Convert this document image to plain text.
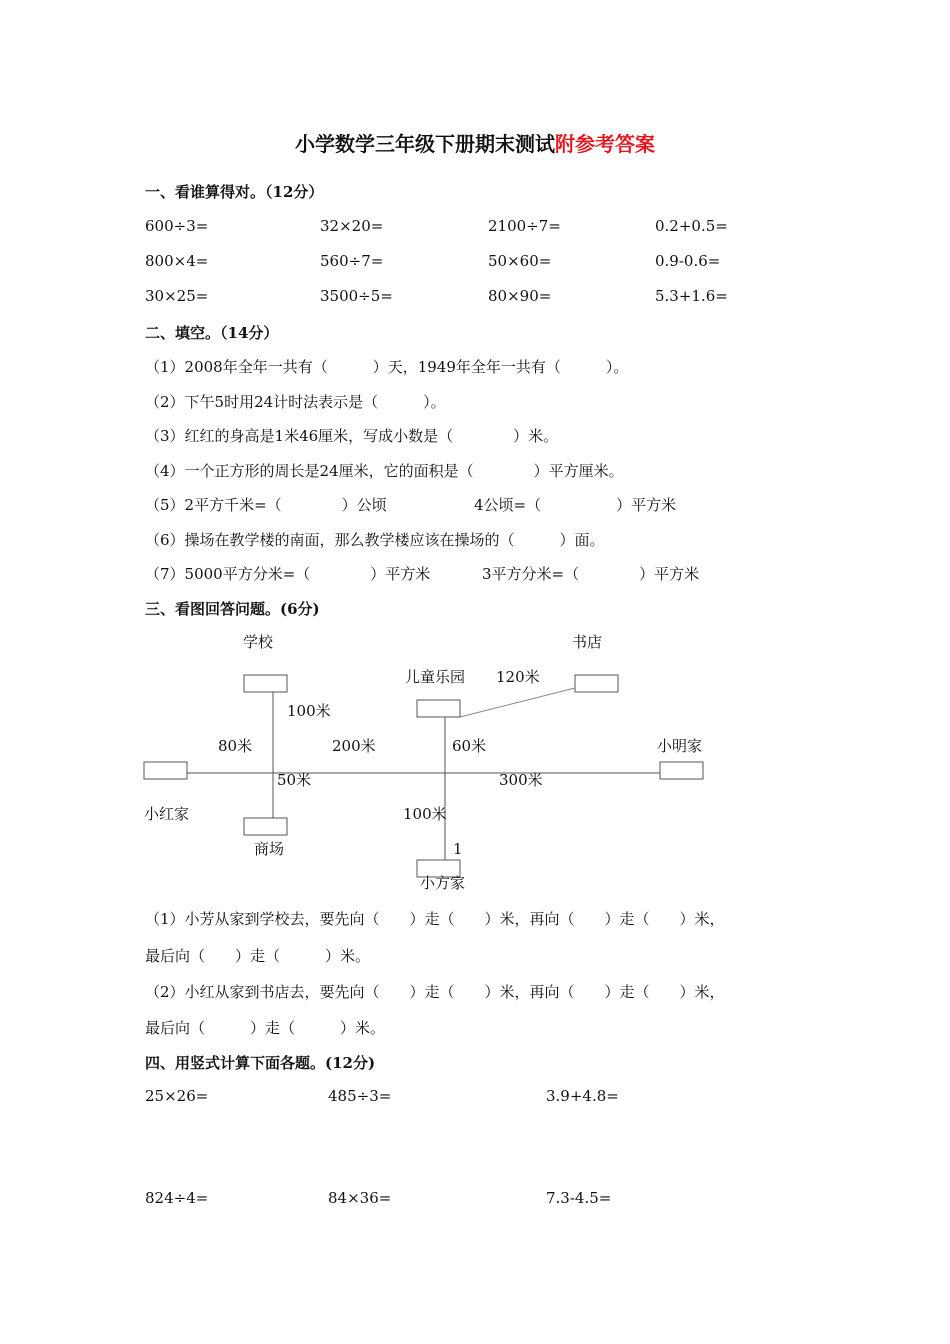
小学数学三年级下册期末测试附参考答案
一、看谁算得对。（12分）
600÷3=	32×20=	2100÷7=	0.2+0.5=
800×4=	560÷7=	50×60=	0.9-0.6=
30×25=	3500÷5=	80×90=	5.3+1.6=
二、填空。（14分）
（1）2008年全年一共有（　　　）天，1949年全年一共有（　　　）。
（2）下午5时用24计时法表示是（　　　）。
（3）红红的身高是1米46厘米，写成小数是（　　　　）米。
（4）一个正方形的周长是24厘米，它的面积是（　　　　）平方厘米。
（5）2平方千米=（　　　　）公顷	4公顷=（　　　　　）平方米
（6）操场在教学楼的南面，那么教学楼应该在操场的（　　　）面。
（7）5000平方分米=（　　　　）平方米	3平方分米=（　　　　）平方米
三、看图回答问题。(6分)
学校	书店
儿童乐园 120米
100米
80米	200米	60米	小明家
50米	300米
小红家	100米
商场	1
小方家
（1）小芳从家到学校去，要先向（　　）走（　　）米，再向（　　）走（　　）米，
最后向（　　）走（　　　）米。
（2）小红从家到书店去，要先向（　　）走（　　）米，再向（　　）走（　　）米，
最后向（　　　）走（　　　）米。
四、用竖式计算下面各题。(12分)
25×26=	485÷3=	3.9+4.8=
824÷4=	84×36=	7.3-4.5=
